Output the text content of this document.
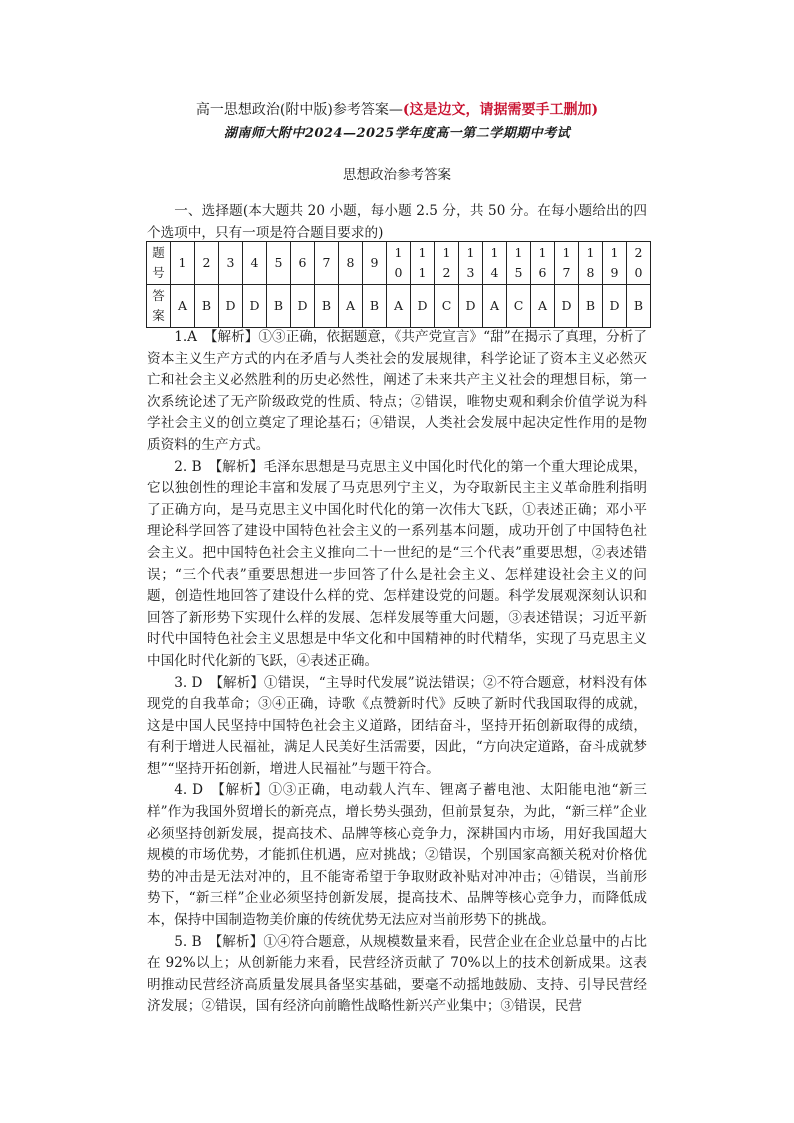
高一思想政治(附中版)参考答案—(这是边文，请据需要手工删加)
湖南师大附中2024—2025学年度高一第二学期期中考试
思想政治参考答案
一、选择题(本大题共 20 小题，每小题 2.5 分，共 50 分。在每小题给出的四个选项中，只有一项是符合题目要求的)
题号	1	2	3	4	5	6	7	8	9	10	11	12	13	14	15	16	17	18	19	20
答案	A	B	D	D	B	D	B	A	B	A	D	C	D	A	C	A	D	B	D	B

1.A　【解析】①③正确，依据题意，《共产党宣言》“甜”在揭示了真理，分析了资本主义生产方式的内在矛盾与人类社会的发展规律，科学论证了资本主义必然灭亡和社会主义必然胜利的历史必然性，阐述了未来共产主义社会的理想目标，第一次系统论述了无产阶级政党的性质、特点；②错误，唯物史观和剩余价值学说为科学社会主义的创立奠定了理论基石；④错误，人类社会发展中起决定性作用的是物质资料的生产方式。

2. B　【解析】毛泽东思想是马克思主义中国化时代化的第一个重大理论成果，它以独创性的理论丰富和发展了马克思列宁主义，为夺取新民主主义革命胜利指明了正确方向，是马克思主义中国化时代化的第一次伟大飞跃，①表述正确；邓小平理论科学回答了建设中国特色社会主义的一系列基本问题，成功开创了中国特色社会主义。把中国特色社会主义推向二十一世纪的是“三个代表”重要思想，②表述错误；“三个代表”重要思想进一步回答了什么是社会主义、怎样建设社会主义的问题，创造性地回答了建设什么样的党、怎样建设党的问题。科学发展观深刻认识和回答了新形势下实现什么样的发展、怎样发展等重大问题，③表述错误；习近平新时代中国特色社会主义思想是中华文化和中国精神的时代精华，实现了马克思主义中国化时代化新的飞跃，④表述正确。

3. D　【解析】①错误，“主导时代发展”说法错误；②不符合题意，材料没有体现党的自我革命；③④正确，诗歌《点赞新时代》反映了新时代我国取得的成就，这是中国人民坚持中国特色社会主义道路，团结奋斗，坚持开拓创新取得的成绩，有利于增进人民福祉，满足人民美好生活需要，因此，“方向决定道路，奋斗成就梦想”“坚持开拓创新，增进人民福祉”与题干符合。

4. D　【解析】①③正确，电动载人汽车、锂离子蓄电池、太阳能电池“新三样”作为我国外贸增长的新亮点，增长势头强劲，但前景复杂，为此，“新三样”企业必须坚持创新发展，提高技术、品牌等核心竞争力，深耕国内市场，用好我国超大规模的市场优势，才能抓住机遇，应对挑战；②错误，个别国家高额关税对价格优势的冲击是无法对冲的，且不能寄希望于争取财政补贴对冲冲击；④错误，当前形势下，“新三样”企业必须坚持创新发展，提高技术、品牌等核心竞争力，而降低成本，保持中国制造物美价廉的传统优势无法应对当前形势下的挑战。

5. B　【解析】①④符合题意，从规模数量来看，民营企业在企业总量中的占比在 92%以上；从创新能力来看，民营经济贡献了 70%以上的技术创新成果。这表明推动民营经济高质量发展具备坚实基础，要毫不动摇地鼓励、支持、引导民营经济发展；②错误，国有经济向前瞻性战略性新兴产业集中；③错误，民营
